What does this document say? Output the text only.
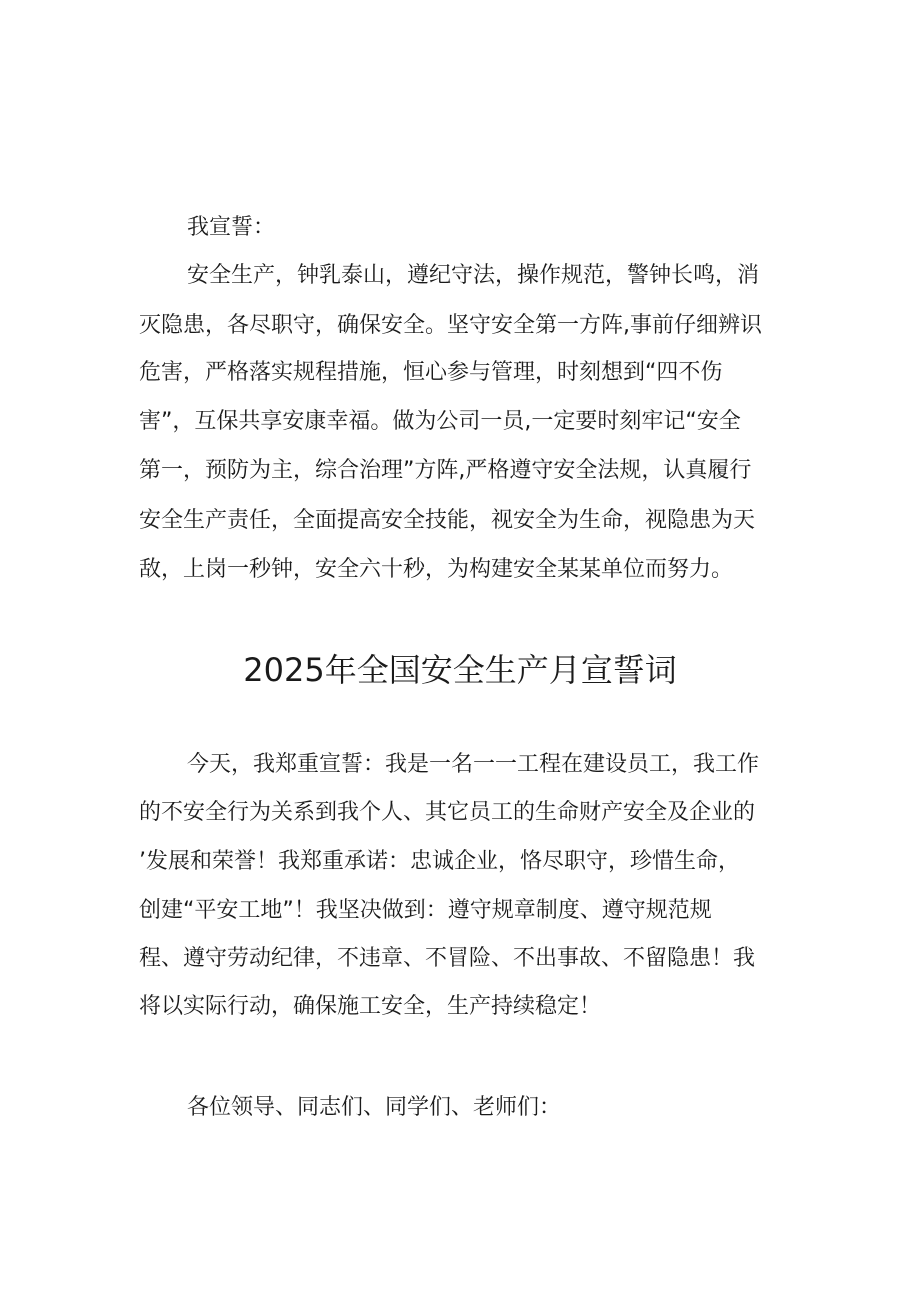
我宣誓：
安全生产，钟乳泰山，遵纪守法，操作规范，警钟长鸣，消
灭隐患，各尽职守，确保安全。坚守安全第一方阵,事前仔细辨识
危害，严格落实规程措施，恒心参与管理，时刻想到“四不伤
害”，互保共享安康幸福。做为公司一员,一定要时刻牢记“安全
第一，预防为主，综合治理”方阵,严格遵守安全法规，认真履行
安全生产责任，全面提高安全技能，视安全为生命，视隐患为天
敌，上岗一秒钟，安全六十秒，为构建安全某某单位而努力。
2025年全国安全生产月宣誓词
今天，我郑重宣誓：我是一名一一工程在建设员工，我工作
的不安全行为关系到我个人、其它员工的生命财产安全及企业的
’发展和荣誉！我郑重承诺：忠诚企业，恪尽职守，珍惜生命，
创建“平安工地”！我坚决做到：遵守规章制度、遵守规范规
程、遵守劳动纪律，不违章、不冒险、不出事故、不留隐患！我
将以实际行动，确保施工安全，生产持续稳定！
各位领导、同志们、同学们、老师们：
